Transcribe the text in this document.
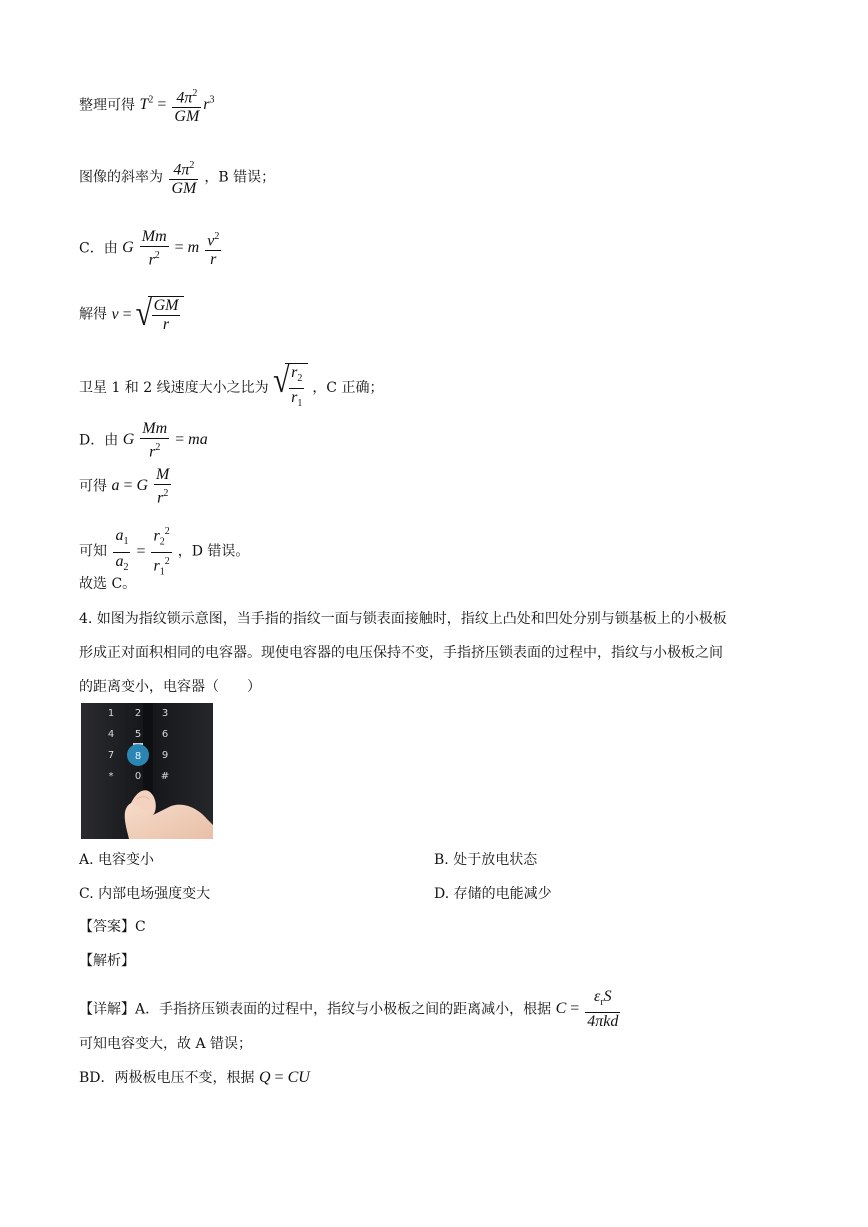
整理可得 $T^2 = \frac{4\pi^2}{GM} r^3$
图像的斜率为 $\frac{4\pi^2}{GM}$ ，B 错误；
C．由 G $\frac{Mm}{r^2} = m \frac{v^2}{r}$
解得 v = √ $\frac{GM}{r}$
卫星 1 和 2 线速度大小之比为 √ $\frac{r_2}{r_1}$ ，C 正确；
D．由 G $\frac{Mm}{r^2}$ = ma
可得 a = G $\frac{M}{r^2}$
可知 $\frac{a_1}{a_2} = \frac{r_2^2}{r_1^2}$ ，D 错误。
故选 C。
4. 如图为指纹锁示意图，当手指的指纹一面与锁表面接触时，指纹上凸处和凹处分别与锁基板上的小极板
形成正对面积相同的电容器。现使电容器的电压保持不变，手指挤压锁表面的过程中，指纹与小极板之间
的距离变小，电容器（　　）
1 2 3
4 5 6
7	9
* 0 #
8
A. 电容变小	B. 处于放电状态
C. 内部电场强度变大	D. 存储的电能减少
【答案】C
【解析】
【详解】A．手指挤压锁表面的过程中，指纹与小极板之间的距离减小，根据 $C = \frac{\varepsilon_rS}{\text{4πkd}}$
可知电容变大，故 A 错误；
BD．两极板电压不变，根据 Q = CU
